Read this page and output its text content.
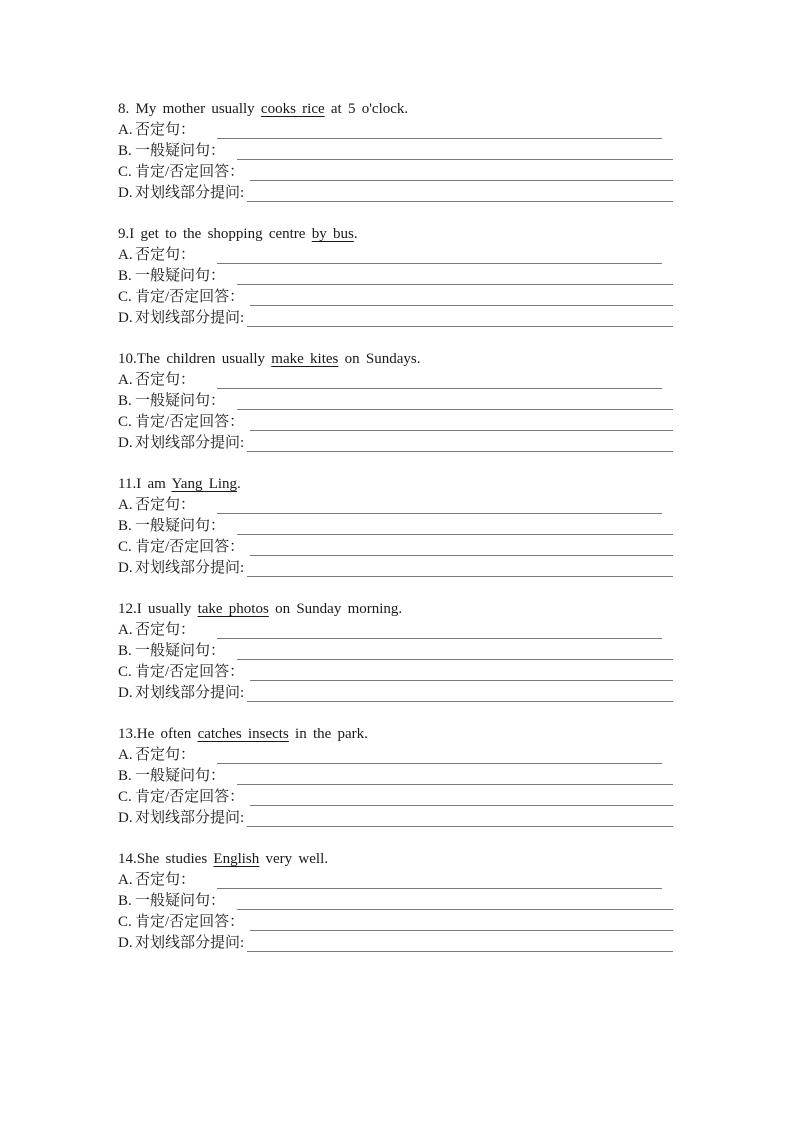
8. My mother usually cooks rice at 5 o'clock.
A. 否定句：
B. 一般疑问句：
C. 肯定/否定回答：
D. 对划线部分提问:
9.I get to the shopping centre by bus.
A. 否定句：
B. 一般疑问句：
C. 肯定/否定回答：
D. 对划线部分提问:
10.The children usually make kites on Sundays.
A. 否定句：
B. 一般疑问句：
C. 肯定/否定回答：
D. 对划线部分提问:
11.I am Yang Ling.
A. 否定句：
B. 一般疑问句：
C. 肯定/否定回答：
D. 对划线部分提问:
12.I usually take photos on Sunday morning.
A. 否定句：
B. 一般疑问句：
C. 肯定/否定回答：
D. 对划线部分提问:
13.He often catches insects in the park.
A. 否定句：
B. 一般疑问句：
C. 肯定/否定回答：
D. 对划线部分提问:
14.She studies English very well.
A. 否定句：
B. 一般疑问句：
C. 肯定/否定回答：
D. 对划线部分提问:
